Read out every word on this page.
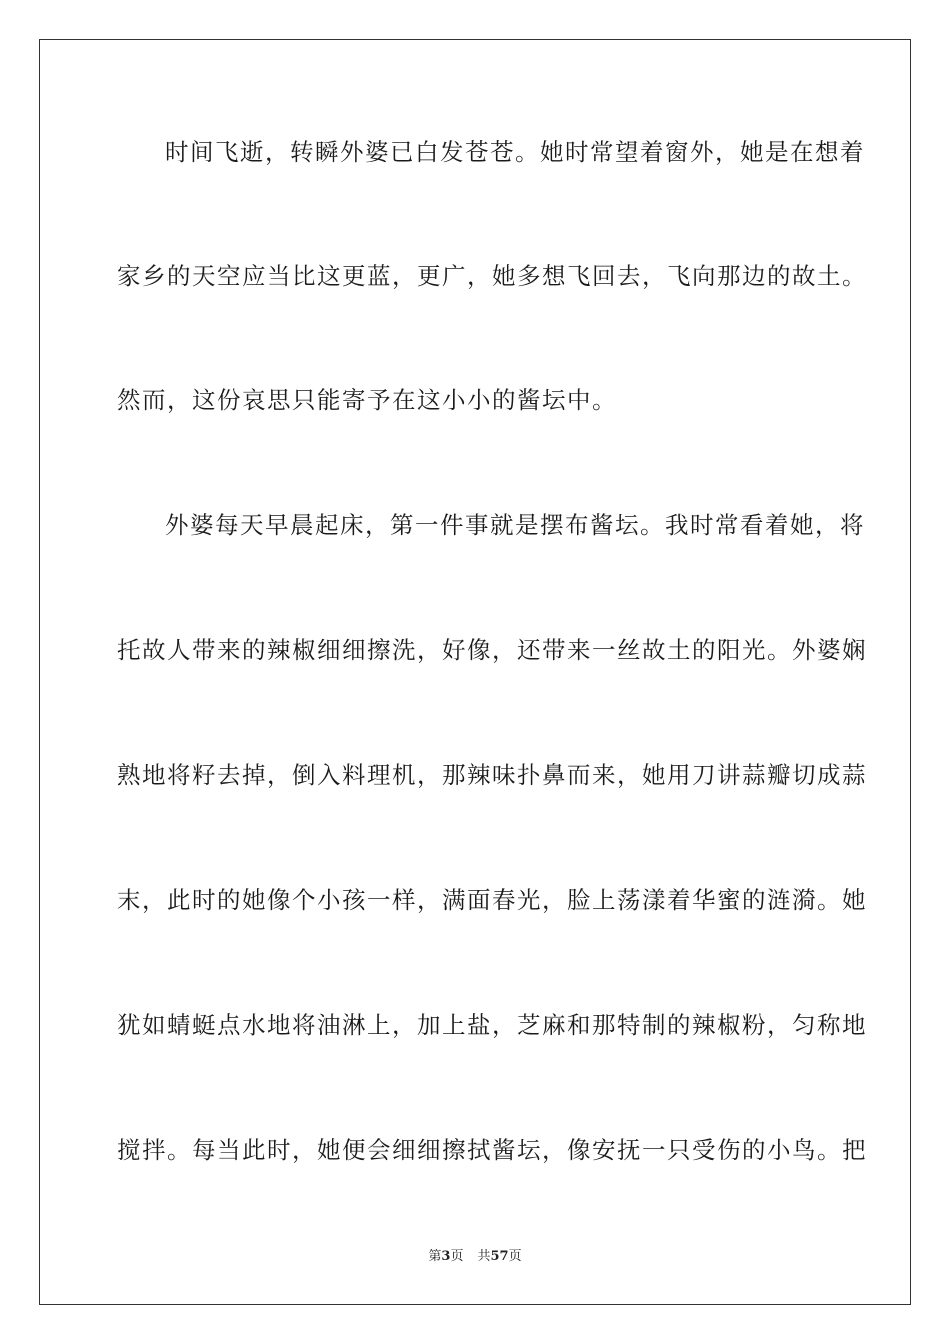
时间飞逝，转瞬外婆已白发苍苍。她时常望着窗外，她是在想着
家乡的天空应当比这更蓝，更广，她多想飞回去，飞向那边的故土。
然而，这份哀思只能寄予在这小小的酱坛中。
外婆每天早晨起床，第一件事就是摆布酱坛。我时常看着她，将
托故人带来的辣椒细细擦洗，好像，还带来一丝故土的阳光。外婆娴
熟地将籽去掉，倒入料理机，那辣味扑鼻而来，她用刀讲蒜瓣切成蒜
末，此时的她像个小孩一样，满面春光，脸上荡漾着华蜜的涟漪。她
犹如蜻蜓点水地将油淋上，加上盐，芝麻和那特制的辣椒粉，匀称地
搅拌。每当此时，她便会细细擦拭酱坛，像安抚一只受伤的小鸟。把
第3页 共57页
